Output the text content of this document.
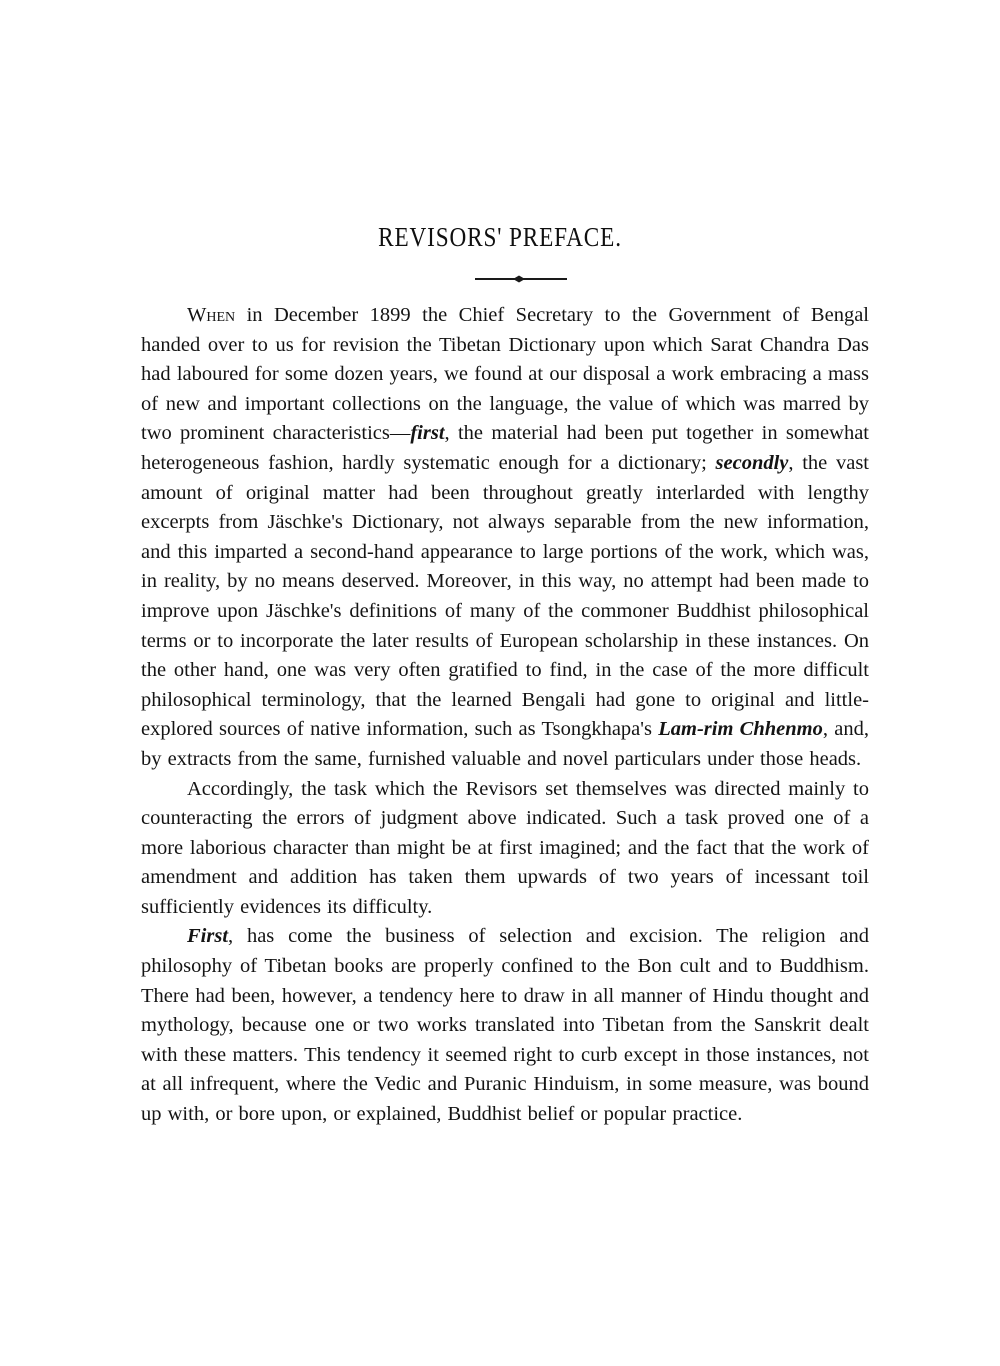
REVISORS' PREFACE.

When in December 1899 the Chief Secretary to the Government of Bengal handed over to us for revision the Tibetan Dictionary upon which Sarat Chandra Das had laboured for some dozen years, we found at our disposal a work embracing a mass of new and important collections on the language, the value of which was marred by two prominent characteristics—first, the material had been put together in somewhat heterogeneous fashion, hardly systematic enough for a dictionary; secondly, the vast amount of original matter had been throughout greatly interlarded with lengthy excerpts from Jäschke's Dictionary, not always separable from the new information, and this imparted a second-hand appearance to large portions of the work, which was, in reality, by no means deserved. Moreover, in this way, no attempt had been made to improve upon Jäschke's definitions of many of the commoner Buddhist philosophical terms or to incorporate the later results of European scholarship in these instances. On the other hand, one was very often gratified to find, in the case of the more difficult philosophical terminology, that the learned Bengali had gone to original and little-explored sources of native information, such as Tsongkhapa's Lam-rim Chhenmo, and, by extracts from the same, furnished valuable and novel particulars under those heads.

Accordingly, the task which the Revisors set themselves was directed mainly to counteracting the errors of judgment above indicated. Such a task proved one of a more laborious character than might be at first imagined; and the fact that the work of amendment and addition has taken them upwards of two years of incessant toil sufficiently evidences its difficulty.

First, has come the business of selection and excision. The religion and philosophy of Tibetan books are properly confined to the Bon cult and to Buddhism. There had been, however, a tendency here to draw in all manner of Hindu thought and mythology, because one or two works translated into Tibetan from the Sanskrit dealt with these matters. This tendency it seemed right to curb except in those instances, not at all infrequent, where the Vedic and Puranic Hinduism, in some measure, was bound up with, or bore upon, or explained, Buddhist belief or popular practice.
